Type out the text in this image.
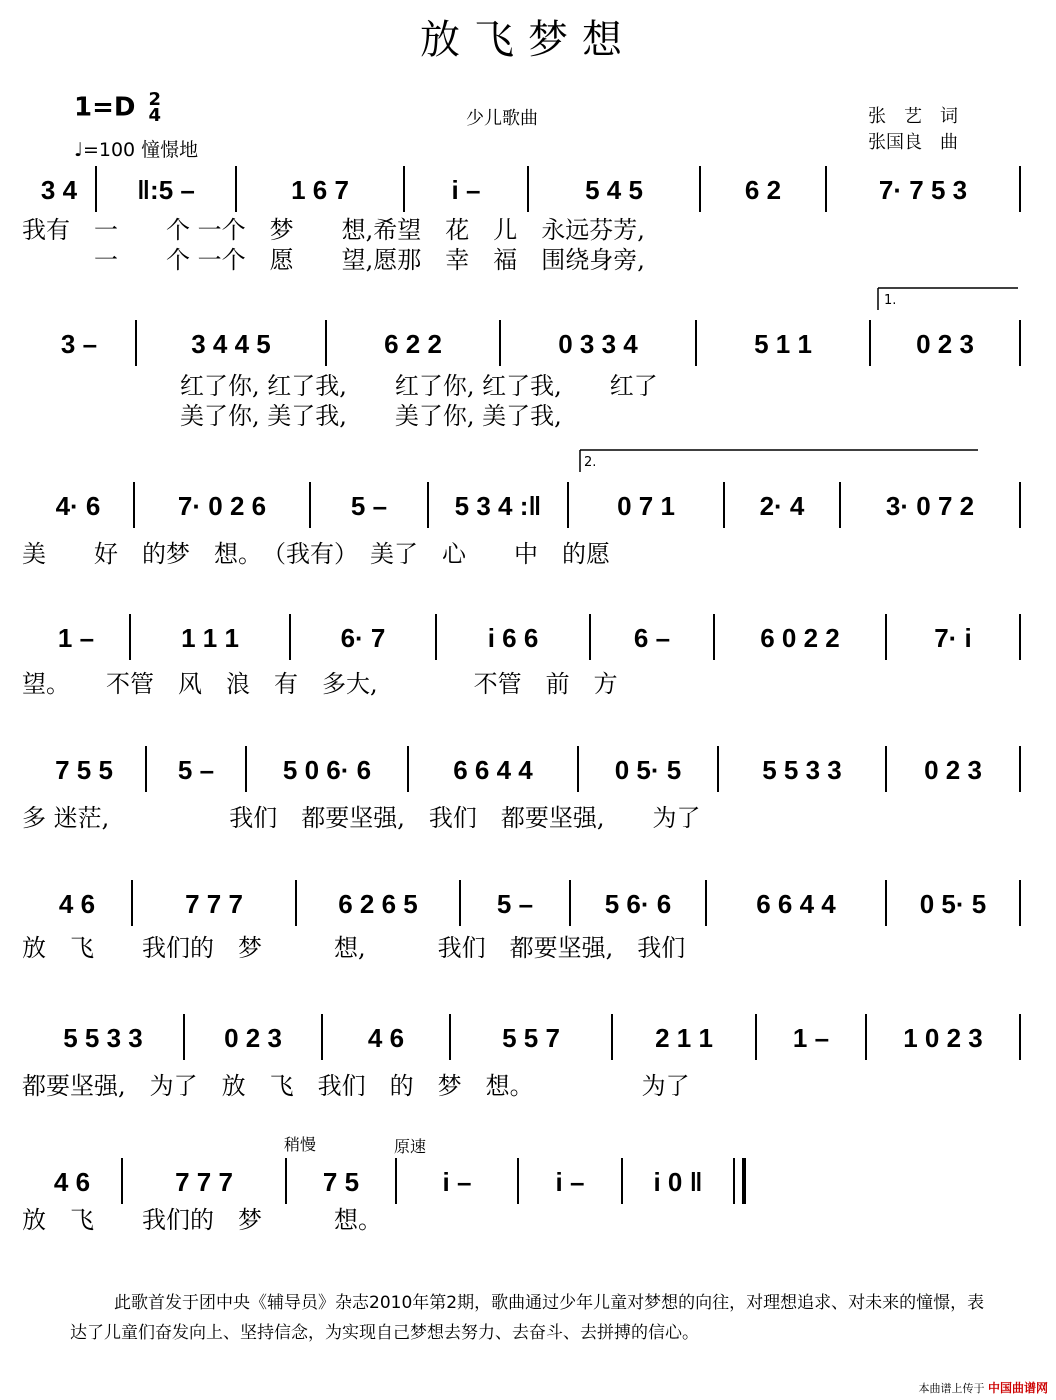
放飞梦想
1=D 2
4
♩=100 憧憬地
少儿歌曲	张　艺　词
张国良　曲
1.
2.
稍慢	原速
3 4 ‖:5 –	1 6 7	i –	5 4 5	6 2	7· 7 5 3
我有　一　　个 一个　梦　　想,希望　花　儿　永远芬芳,
　　　一　　个 一个　愿　　望,愿那　幸　福　围绕身旁,
3 –	3 4 4 5	6 2 2	0 3 3 4	5 1 1	0 2 3
红了你, 红了我,　　红了你, 红了我,　　红了
美了你, 美了我,　　美了你, 美了我,
4· 6	7· 0 2 6	5 –	5 3 4 :‖	0 7 1	2· 4	3· 0 7 2
美　　好　的梦　想。　（我有）　美了　心　　中　的愿
1 –	1 1 1	6· 7	i 6 6	6 –	6 0 2 2	7· i
望。　　不管　风　浪　有　多大,　　　　不管　前　方
7 5 5	5 –	5 0 6· 6	6 6 4 4	0 5· 5	5 5 3 3	0 2 3
多 迷茫,　　　　　我们　都要坚强,　我们　都要坚强,　　为了
4 6	7 7 7	6 2 6 5	5 –	5 6· 6	6 6 4 4	0 5· 5
放　飞　　我们的　梦　　　想,　　　我们　都要坚强,　我们
5 5 3 3	0 2 3	4 6	5 5 7	2 1 1	1 –	1 0 2 3
都要坚强,　为了　放　飞　我们　的　梦　想。　　　　　为了
4 6	7 7 7	7 5	i –	i –	i 0 ‖
放　飞　　我们的　梦　　　想。
此歌首发于团中央《辅导员》杂志2010年第2期，歌曲通过少年儿童对梦想的向往，对理想追求、对未来的憧憬，表达了儿童们奋发向上、坚持信念，为实现自己梦想去努力、去奋斗、去拼搏的信心。
本曲谱上传于 中国曲谱网
